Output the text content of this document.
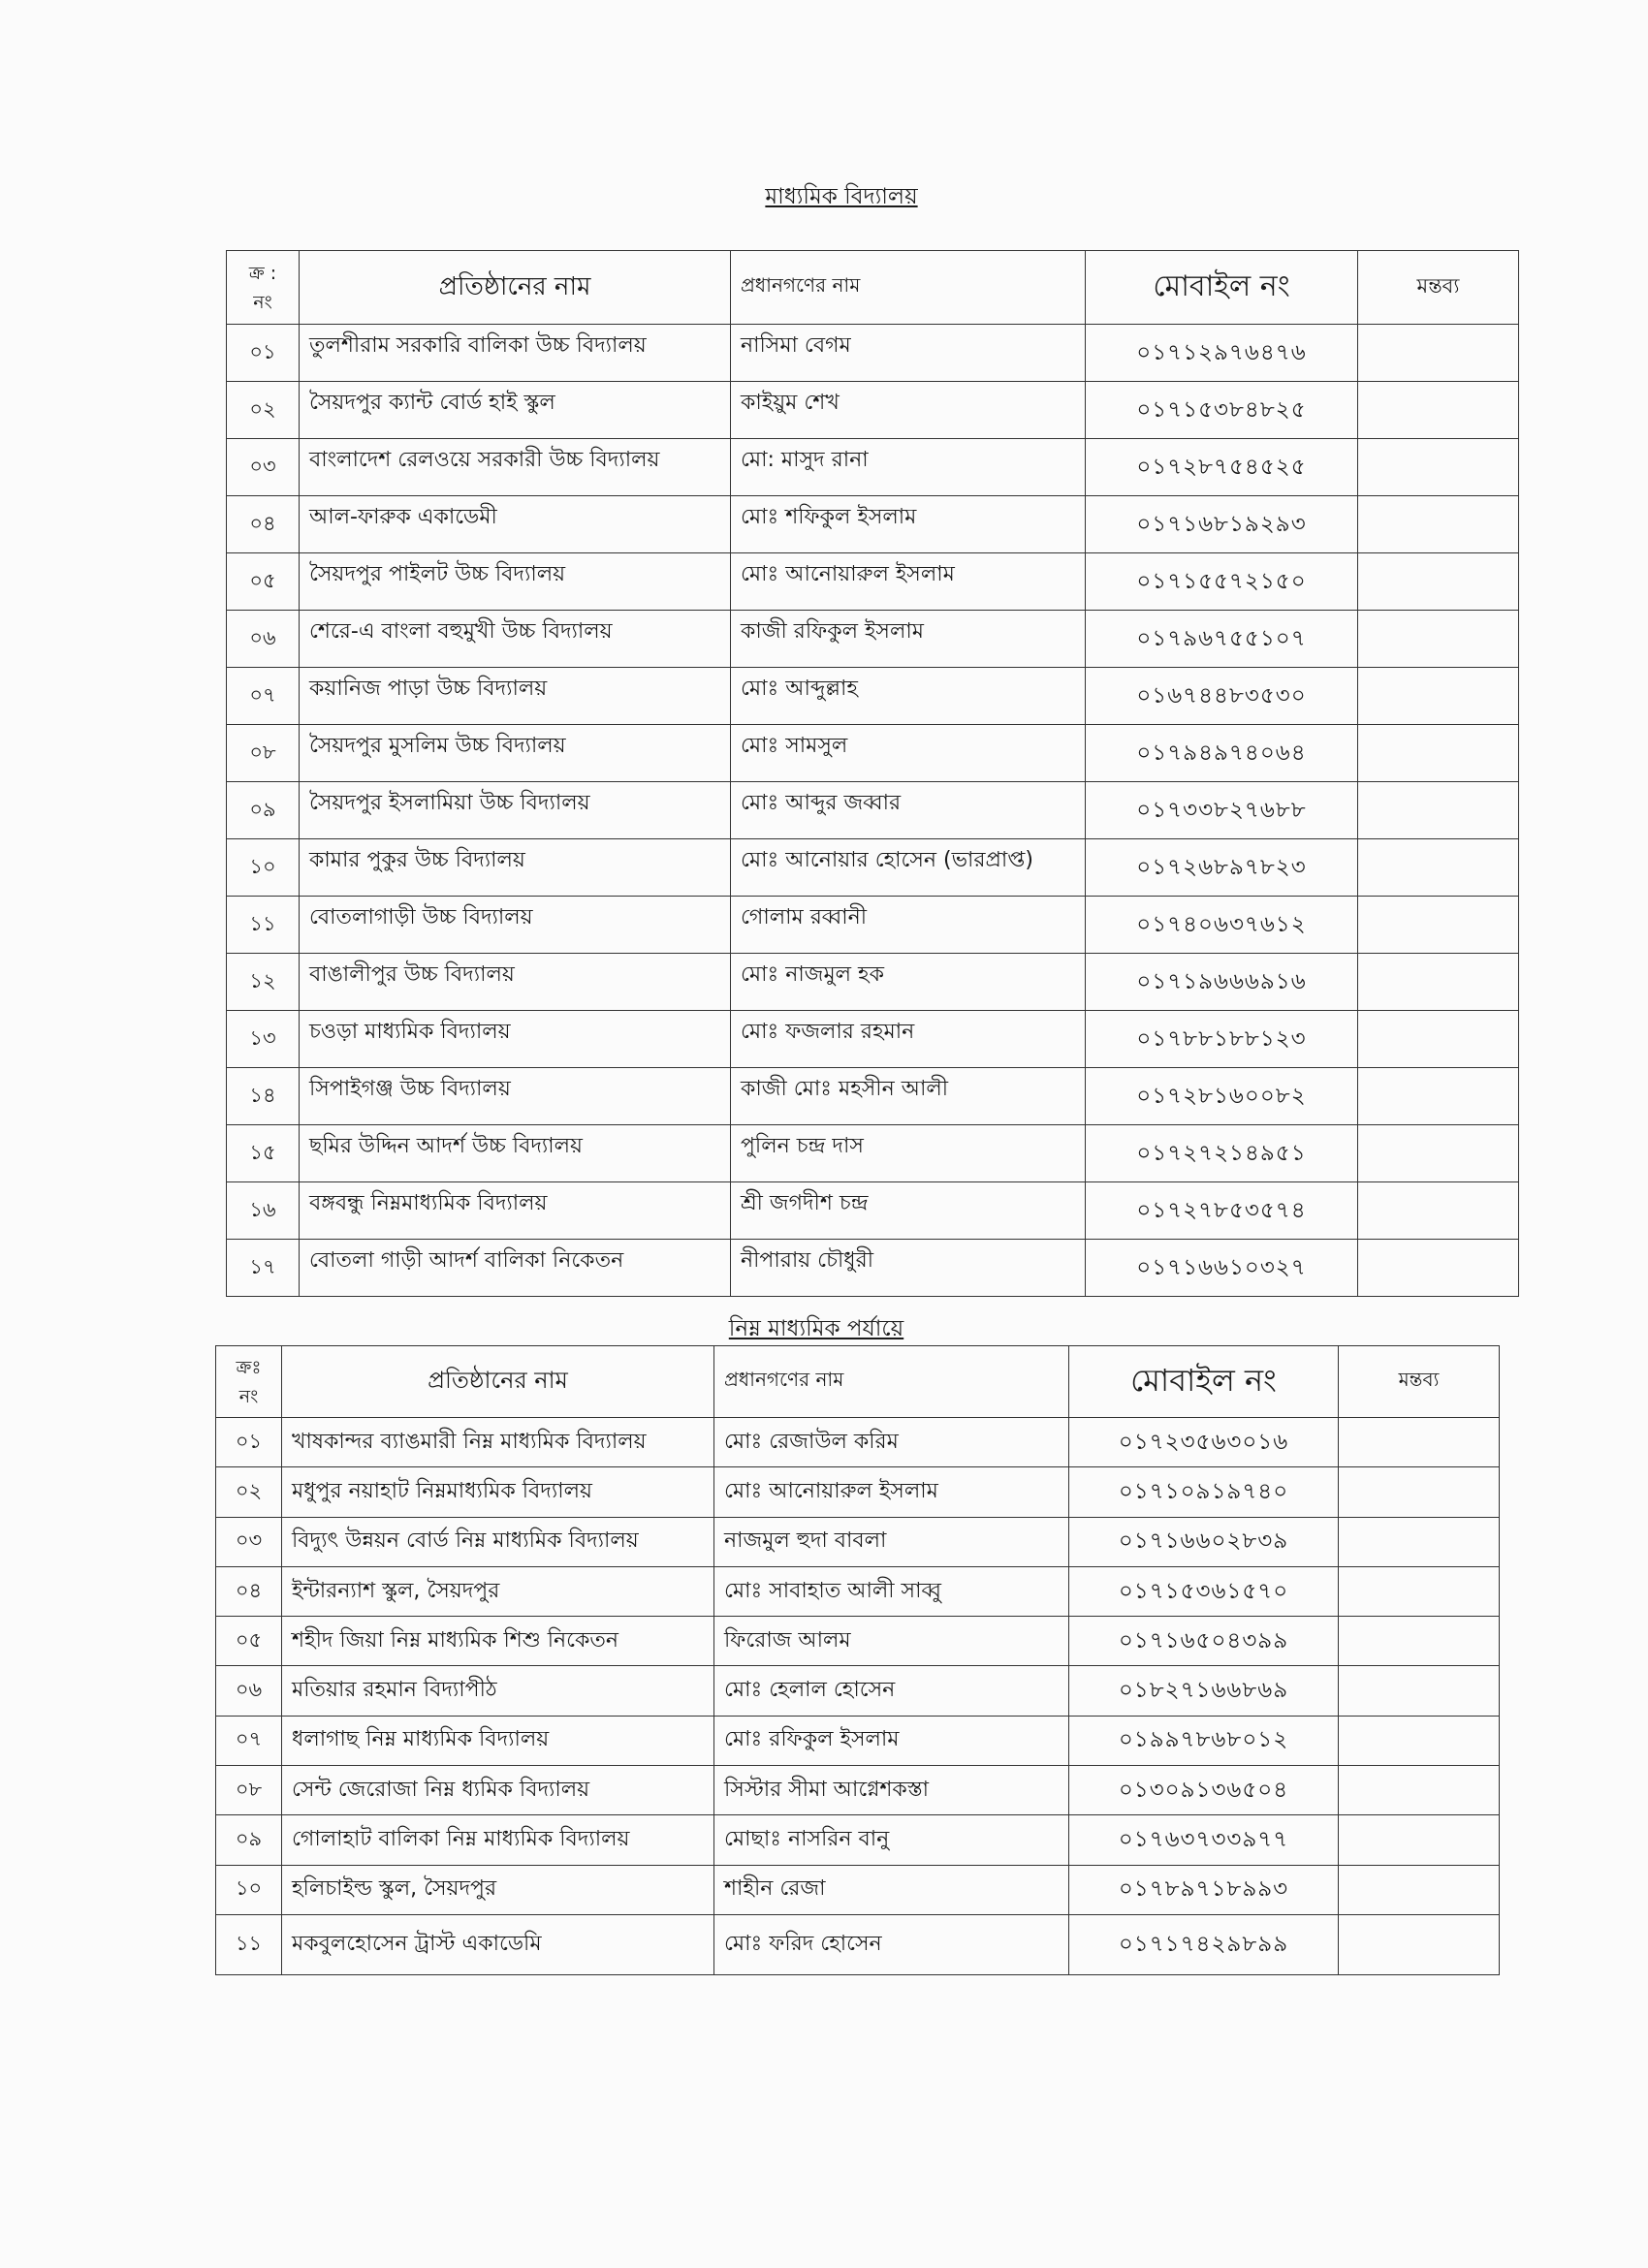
মাধ্যমিক বিদ্যালয়
ক্র :
নং	প্রতিষ্ঠানের নাম	প্রধানগণের নাম	মোবাইল নং	মন্তব্য
০১	তুলশীরাম সরকারি বালিকা উচ্চ বিদ্যালয়	নাসিমা বেগম	০১৭১২৯৭৬৪৭৬	
০২	সৈয়দপুর ক্যান্ট বোর্ড হাই স্কুল	কাইয়ুম শেখ	০১৭১৫৩৮৪৮২৫	
০৩	বাংলাদেশ রেলওয়ে সরকারী উচ্চ বিদ্যালয়	মো: মাসুদ রানা	০১৭২৮৭৫৪৫২৫	
০৪	আল-ফারুক একাডেমী	মোঃ শফিকুল ইসলাম	০১৭১৬৮১৯২৯৩	
০৫	সৈয়দপুর পাইলট উচ্চ বিদ্যালয়	মোঃ আনোয়ারুল ইসলাম	০১৭১৫৫৭২১৫০	
০৬	শেরে-এ বাংলা বহুমুখী উচ্চ বিদ্যালয়	কাজী রফিকুল ইসলাম	০১৭৯৬৭৫৫১০৭	
০৭	কয়ানিজ পাড়া উচ্চ বিদ্যালয়	মোঃ আব্দুল্লাহ	০১৬৭৪৪৮৩৫৩০	
০৮	সৈয়দপুর মুসলিম উচ্চ বিদ্যালয়	মোঃ সামসুল	০১৭৯৪৯৭৪০৬৪	
০৯	সৈয়দপুর ইসলামিয়া উচ্চ বিদ্যালয়	মোঃ আব্দুর জব্বার	০১৭৩৩৮২৭৬৮৮	
১০	কামার পুকুর উচ্চ বিদ্যালয়	মোঃ আনোয়ার হোসেন (ভারপ্রাপ্ত)	০১৭২৬৮৯৭৮২৩	
১১	বোতলাগাড়ী উচ্চ বিদ্যালয়	গোলাম রব্বানী	০১৭৪০৬৩৭৬১২	
১২	বাঙালীপুর উচ্চ বিদ্যালয়	মোঃ নাজমুল হক	০১৭১৯৬৬৬৯১৬	
১৩	চওড়া মাধ্যমিক বিদ্যালয়	মোঃ ফজলার রহমান	০১৭৮৮১৮৮১২৩	
১৪	সিপাইগঞ্জ উচ্চ বিদ্যালয়	কাজী মোঃ মহসীন আলী	০১৭২৮১৬০০৮২	
১৫	ছমির উদ্দিন আদর্শ উচ্চ বিদ্যালয়	পুলিন চন্দ্র দাস	০১৭২৭২১৪৯৫১	
১৬	বঙ্গবন্ধু নিম্নমাধ্যমিক বিদ্যালয়	শ্রী জগদীশ চন্দ্র	০১৭২৭৮৫৩৫৭৪	
১৭	বোতলা গাড়ী আদর্শ বালিকা নিকেতন	নীপারায় চৌধুরী	০১৭১৬৬১০৩২৭	
নিম্ন মাধ্যমিক পর্যায়ে
ক্রঃ
নং	প্রতিষ্ঠানের নাম	প্রধানগণের নাম	মোবাইল নং	মন্তব্য
০১	খাষকান্দর ব্যাঙমারী নিম্ন মাধ্যমিক বিদ্যালয়	মোঃ রেজাউল করিম	০১৭২৩৫৬৩০১৬	
০২	মধুপুর নয়াহাট নিম্নমাধ্যমিক বিদ্যালয়	মোঃ আনোয়ারুল ইসলাম	০১৭১০৯১৯৭৪০	
০৩	বিদ্যুৎ উন্নয়ন বোর্ড নিম্ন মাধ্যমিক বিদ্যালয়	নাজমুল হুদা বাবলা	০১৭১৬৬০২৮৩৯	
০৪	ইন্টারন্যাশ স্কুল, সৈয়দপুর	মোঃ সাবাহাত আলী সাব্বু	০১৭১৫৩৬১৫৭০	
০৫	শহীদ জিয়া নিম্ন মাধ্যমিক শিশু নিকেতন	ফিরোজ আলম	০১৭১৬৫০৪৩৯৯	
০৬	মতিয়ার রহমান বিদ্যাপীঠ	মোঃ হেলাল হোসেন	০১৮২৭১৬৬৮৬৯	
০৭	ধলাগাছ নিম্ন মাধ্যমিক বিদ্যালয়	মোঃ রফিকুল ইসলাম	০১৯৯৭৮৬৮০১২	
০৮	সেন্ট জেরোজা নিম্ন ধ্যমিক বিদ্যালয়	সিস্টার সীমা আগ্নেশকস্তা	০১৩০৯১৩৬৫০৪	
০৯	গোলাহাট বালিকা নিম্ন মাধ্যমিক বিদ্যালয়	মোছাঃ নাসরিন বানু	০১৭৬৩৭৩৩৯৭৭	
১০	হলিচাইল্ড স্কুল, সৈয়দপুর	শাহীন রেজা	০১৭৮৯৭১৮৯৯৩	
১১	মকবুলহোসেন ট্রাস্ট একাডেমি	মোঃ ফরিদ হোসেন	০১৭১৭৪২৯৮৯৯	
